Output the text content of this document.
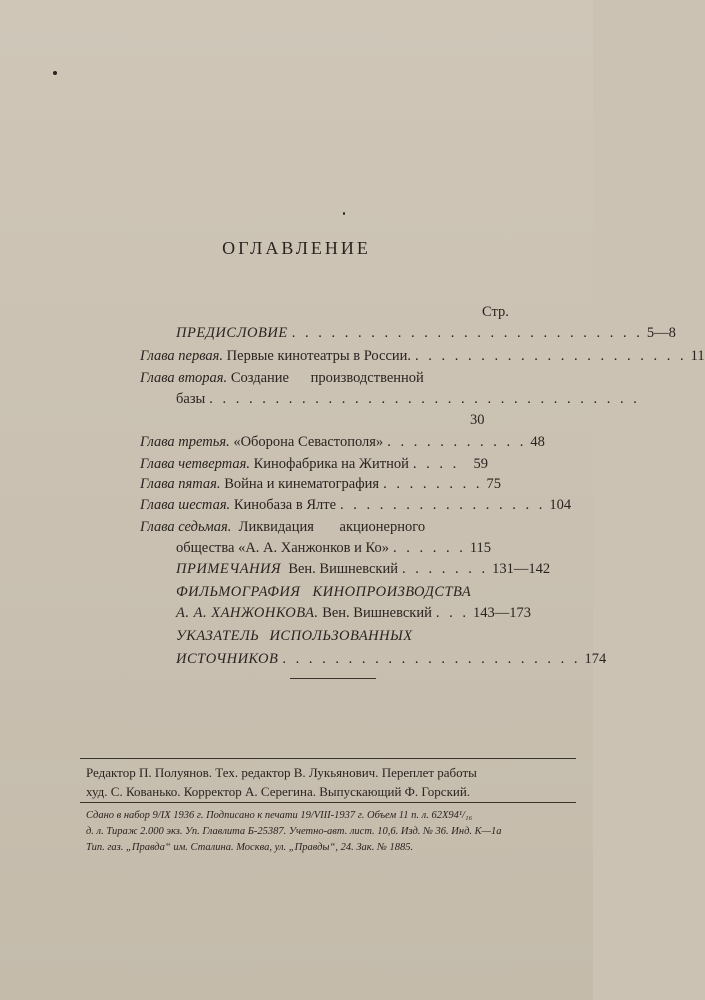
ОГЛАВЛЕНИЕ
Стр.
ПРЕДИСЛОВИЕ . . . . . . . . . . . . . . . . . . . . . . . . . . . 5—8
Глава первая.
Первые кинотеатры в России. . . . . . . . . . . . . . . . . . . . . . 11
Глава вторая.
Создание производственной
базы . . . . . . . . . . . . . . . . . . . . . . . . . . . . . . . . .
30
Глава третья.
«Оборона Севастополя» . . . . . . . . . . . 48
Глава четвертая.
Кинофабрика на Житной . . . . 59
Глава пятая.
Война и кинематография . . . . . . . . 75
Глава шестая.
Кинобаза в Ялте . . . . . . . . . . . . . . . . 104
Глава седьмая.
Ликвидация акционерного
общества «А. А. Ханжонков и Ко» . . . . . . 115
ПРИМЕЧАНИЯ
Вен. Вишневский . . . . . . . 131—142
ФИЛЬМОГРАФИЯ КИНОПРОИЗВОДСТВА
А. А. ХАНЖОНКОВА.
Вен. Вишневский . . . 143—173
УКАЗАТЕЛЬ ИСПОЛЬЗОВАННЫХ
ИСТОЧНИКОВ . . . . . . . . . . . . . . . . . . . . . . . 174
Редактор П. Полуянов. Тех. редактор В. Лукьянович. Переплет работы
худ. С. Кованько. Корректор А. Серегина. Выпускающий Ф. Горский.
Сдано в набор 9/IX 1936 г. Подписано к печати 19/VIII-1937 г. Объем 11 п. л. 62X94¹/₁₆
д. л. Тираж 2.000 экз. Уп. Главлита Б-25387. Учетно-авт. лист. 10,6. Изд. № 36. Инд. К—1а
Тип. газ. „Правда“ им. Сталина. Москва, ул. „Правды“, 24. Зак. № 1885.
